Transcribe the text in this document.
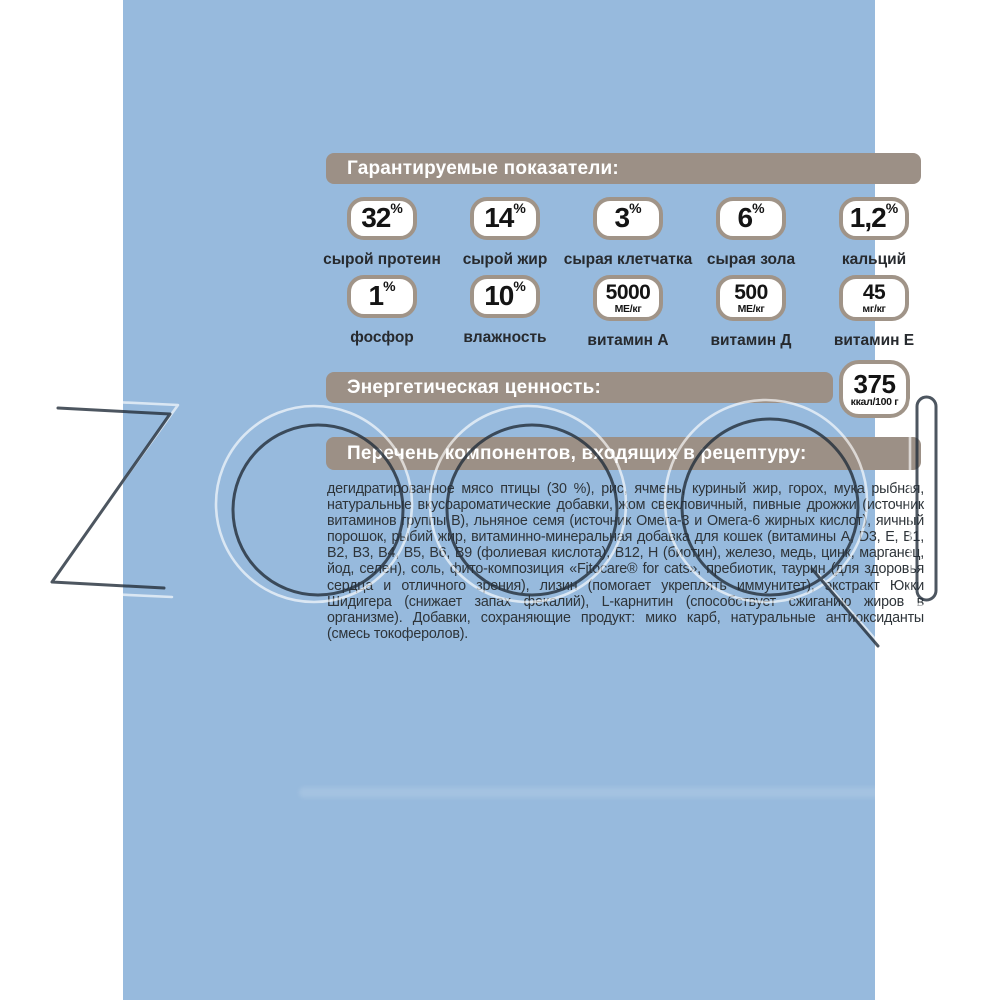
Гарантируемые показатели:
32 %
сырой протеин
14 %
сырой жир
3 %
сырая клетчатка
6 %
сырая зола
1,2 %
кальций
1 %
фосфор
10 %
влажность
5000
МЕ/кг
витамин А
500
МЕ/кг
витамин Д
45
мг/кг
витамин Е
Энергетическая ценность:	375
ккал/100 г
Перечень компонентов, входящих в рецептуру:

дегидратированное мясо птицы (30 %), рис, ячмень, куриный жир, горох, мука рыбная, натуральные вкусоароматические добавки, жом свекловичный, пивные дрожжи (источник витаминов группы В), льняное семя (источник Омега-3 и Омега-6 жирных кислот), яичный порошок, рыбий жир, витаминно-минеральная добавка для кошек (витамины A, D3, E, B1, B2, B3, B4, B5, B6, B9 (фолиевая кислота), B12, H (биотин), железо, медь, цинк, марганец, йод, селен), соль, фито-композиция «Fitocare® for cats», пребиотик, таурин (для здоровья сердца и отличного зрения), лизин (помогает укреплять иммунитет), экстракт Юкки Шидигера (снижает запах фекалий), L-карнитин (способствует сжиганию жиров в организме). Добавки, сохраняющие продукт: мико карб, натуральные антиоксиданты (смесь токоферолов).
